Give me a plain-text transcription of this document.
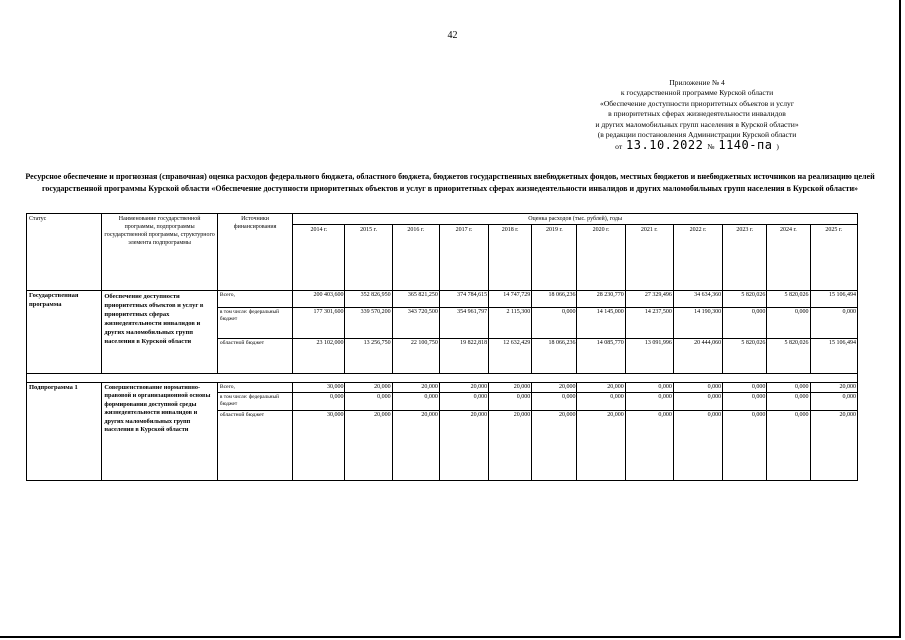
42
Приложение № 4
к государственной программе Курской области
«Обеспечение доступности приоритетных объектов и услуг
в приоритетных сферах жизнедеятельности инвалидов
и других маломобильных групп населения в Курской области»
(в редакции постановления Администрации Курской области
от 13.10.2022 № 1140-па )
Ресурсное обеспечение и прогнозная (справочная) оценка расходов федерального бюджета, областного бюджета, бюджетов государственных внебюджетных фондов, местных бюджетов и внебюджетных источников на реализацию целей государственной программы Курской области «Обеспечение доступности приоритетных объектов и услуг в приоритетных сферах жизнедеятельности инвалидов и других маломобильных групп населения в Курской области»
Статус	Наименование государственной программы, подпрограммы государственной программы, структурного элемента подпрограммы	Источники финансирования	Оценка расходов (тыс. рублей), годы											
			2014 г.	2015 г.	2016 г.	2017 г.	2018 г.	2019 г.	2020 г.	2021 г.	2022 г.	2023 г.	2024 г.	2025 г.
Государственная программа	Обеспечение доступности приоритетных объектов и услуг в приоритетных сферах жизнедеятельности инвалидов и других маломобильных групп населения в Курской области	Всего,	200 403,600	352 826,950	365 821,250	374 784,615	14 747,729	18 066,236	28 230,770	27 329,496	34 634,360	5 820,026	5 820,026	15 106,494
		в том числе: федеральный бюджет	177 301,600	339 570,200	343 720,500	354 961,797	2 115,300	0,000	14 145,000	14 237,500	14 190,300	0,000	0,000	0,000
		областной бюджет	23 102,000	13 256,750	22 100,750	19 822,818	12 632,429	18 066,236	14 085,770	13 091,996	20 444,060	5 820,026	5 820,026	15 106,494

Подпрограмма 1	Совершенствование нормативно-правовой и организационной основы формирования доступной среды жизнедеятельности инвалидов и других маломобильных групп населения в Курской области	Всего,	30,000	20,000	20,000	20,000	20,000	20,000	20,000	0,000	0,000	0,000	0,000	20,000
		в том числе: федеральный бюджет	0,000	0,000	0,000	0,000	0,000	0,000	0,000	0,000	0,000	0,000	0,000	0,000
		областной бюджет	30,000	20,000	20,000	20,000	20,000	20,000	20,000	0,000	0,000	0,000	0,000	20,000
